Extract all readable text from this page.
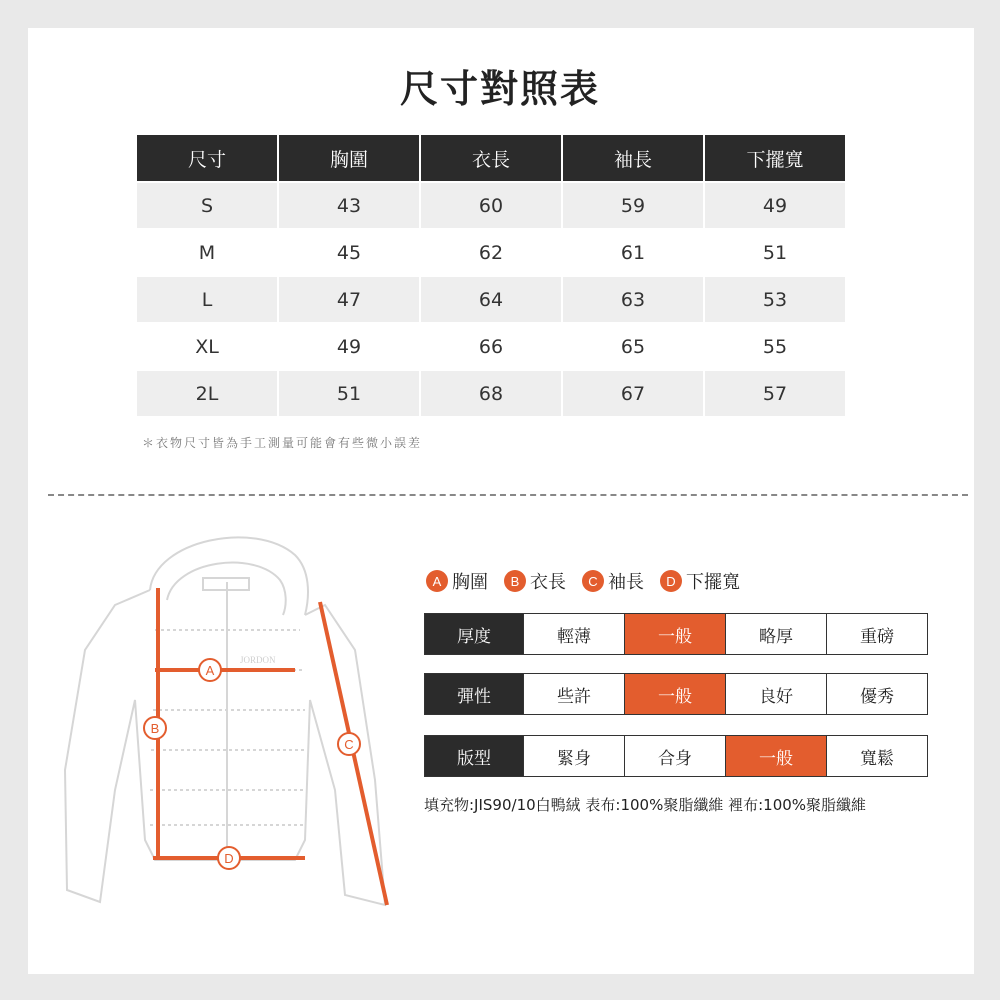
尺寸對照表
尺寸	胸圍	衣長	袖長	下擺寬
S	43	60	59	49
M	45	62	61	51
L	47	64	63	53
XL	49	66	65	55
2L	51	68	67	57
＊衣物尺寸皆為手工測量可能會有些微小誤差
JORDON
A
B
C
D
A 胸圍	B 衣長	C 袖長	D 下擺寬
厚度	輕薄	一般	略厚	重磅
彈性	些許	一般	良好	優秀
版型	緊身	合身	一般	寬鬆
填充物:JIS90/10白鴨絨 表布:100%聚脂纖維 裡布:100%聚脂纖維
